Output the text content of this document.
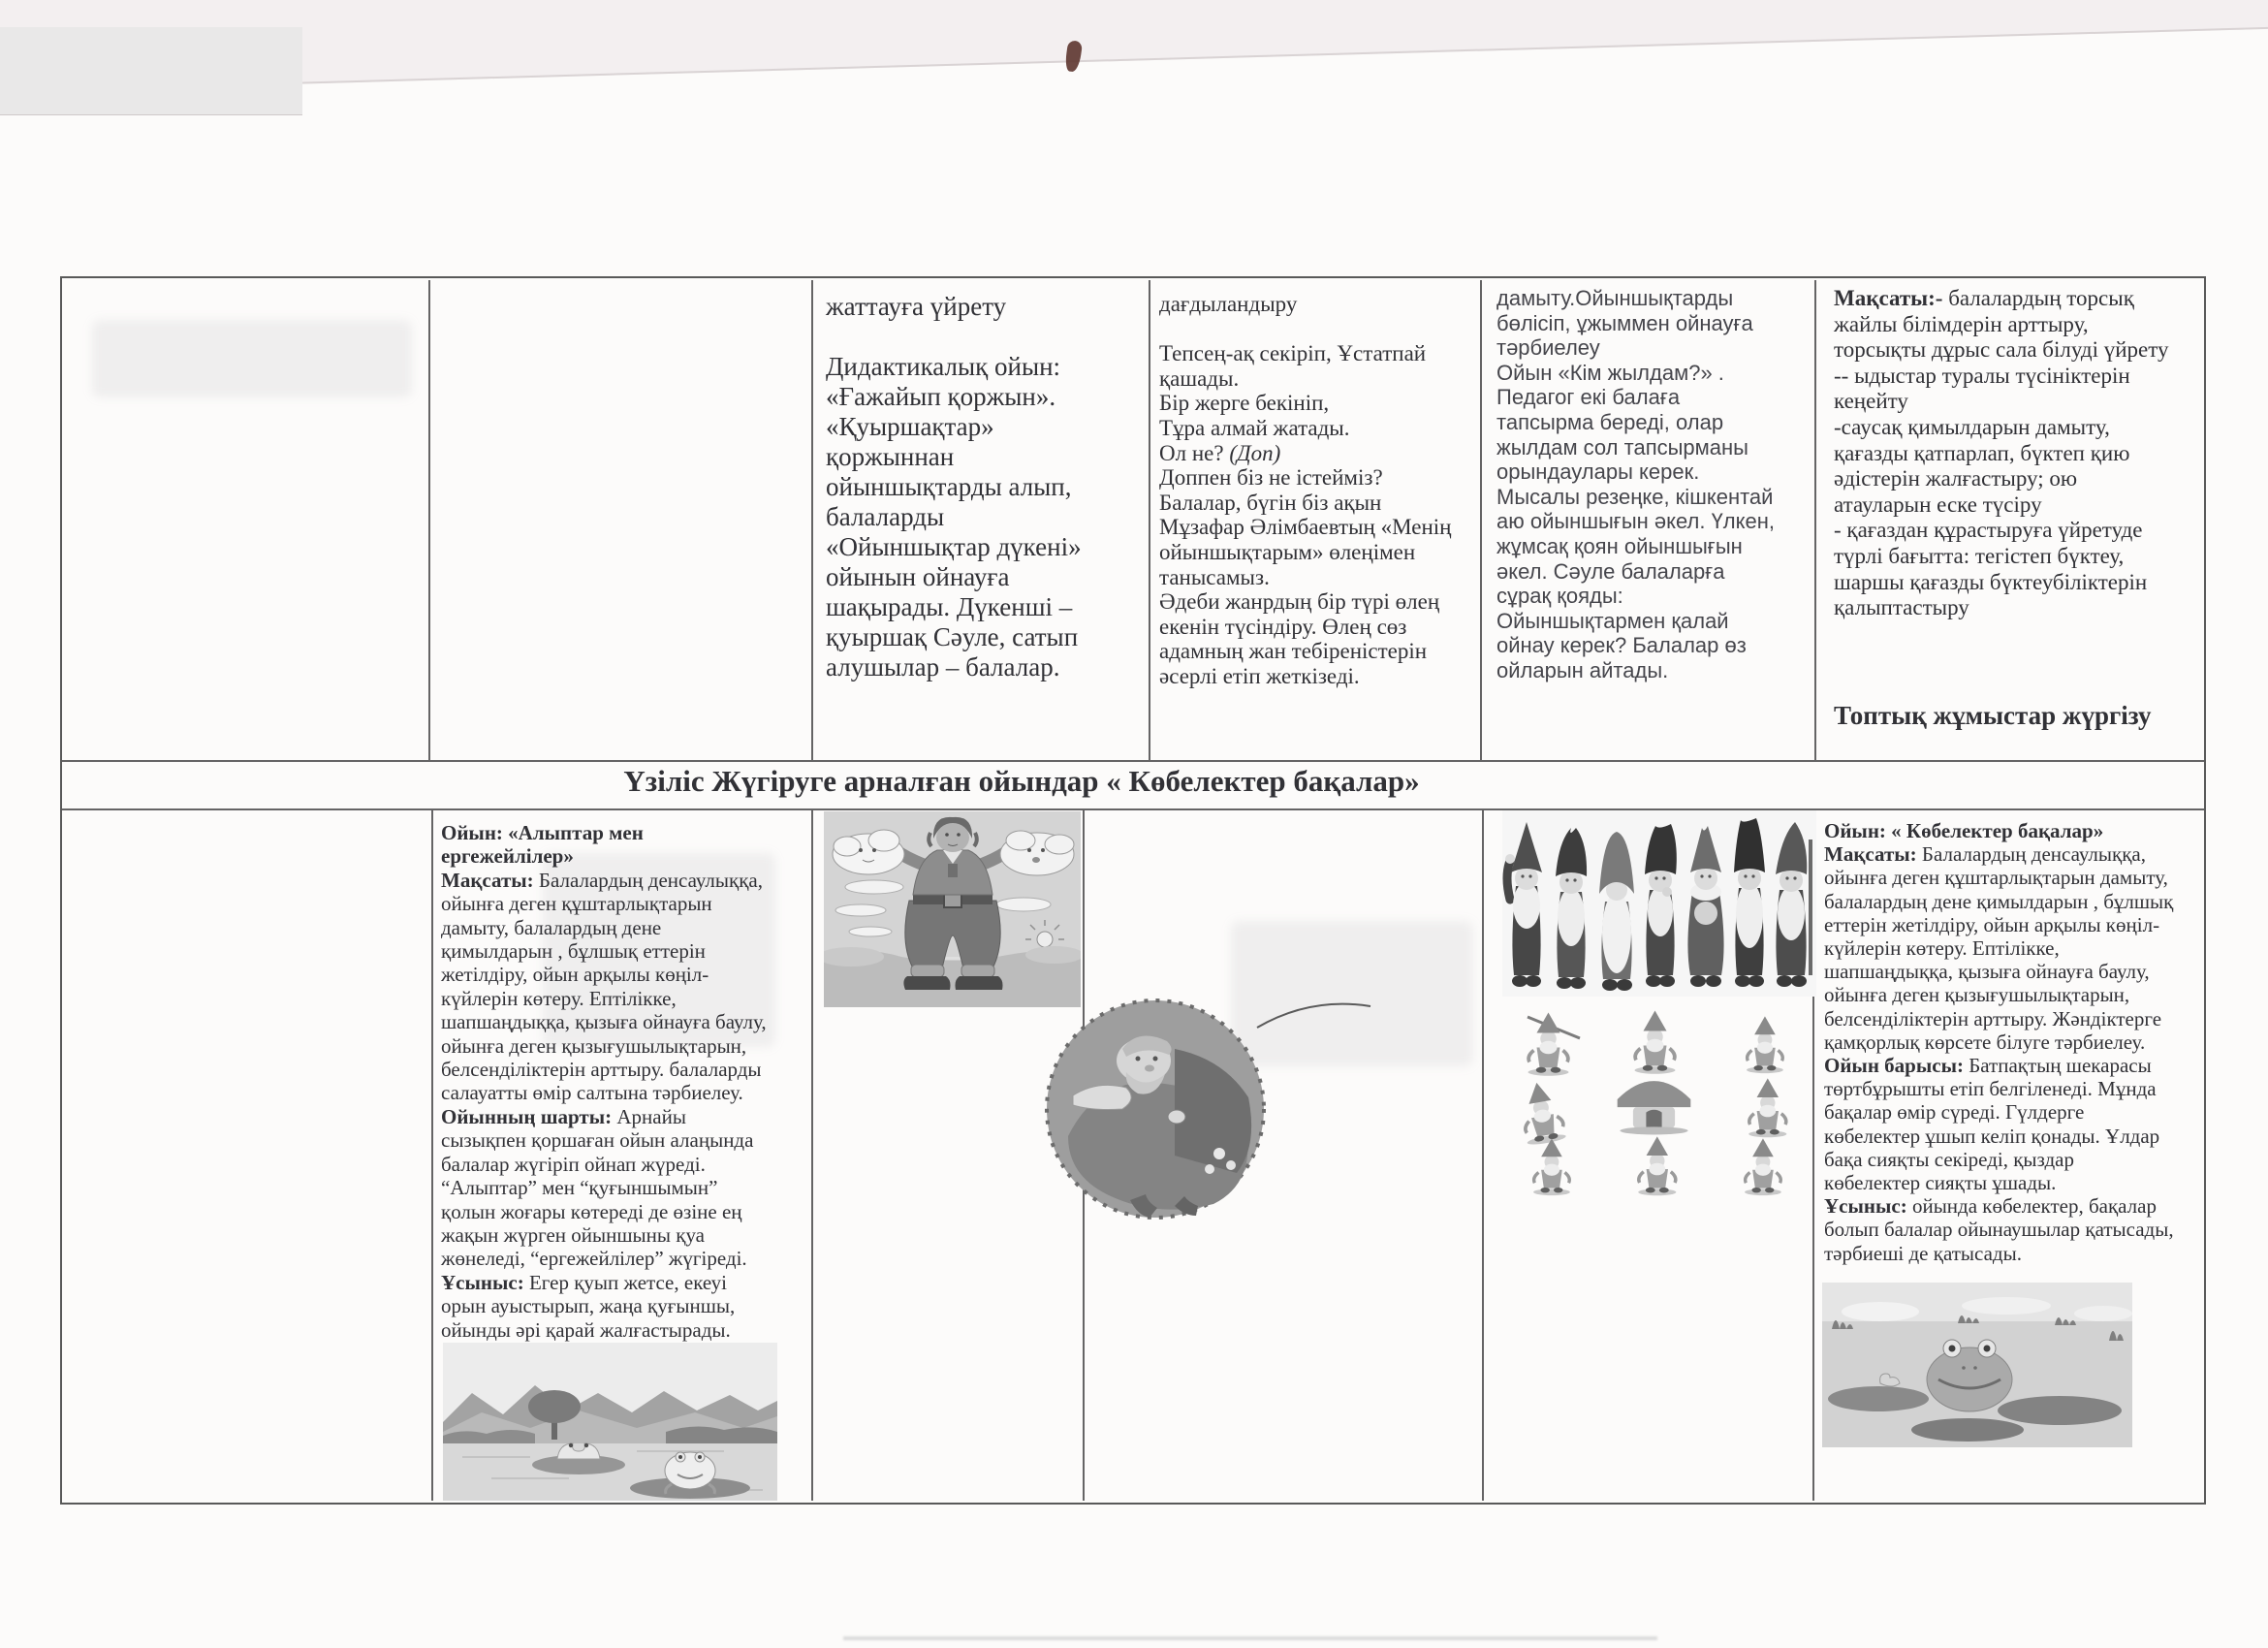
жаттауға үйрету

Дидактикалық ойын:
«Ғажайып қоржын».
«Қуыршақтар»
қоржыннан
ойыншықтарды алып,
балаларды
«Ойыншықтар дүкені»
ойынын ойнауға
шақырады. Дүкенші –
қуыршақ Сәуле, сатып
алушылар – балалар.
дағдыландыру

Тепсең-ақ секіріп, Ұстатпай
қашады.
Бір жерге бекініп,
Тұра алмай жатады.
Ол не? (Доп)
Доппен біз не істейміз?
Балалар, бүгін біз ақын
Мұзафар Әлімбаевтың «Менің
ойыншықтарым» өлеңімен
танысамыз.
Әдеби жанрдың бір түрі өлең
екенін түсіндіру. Өлең сөз
адамның жан тебіреністерін
әсерлі етіп жеткізеді.
дамыту.Ойыншықтарды
бөлісіп, ұжыммен ойнауға
тәрбиелеу
Ойын «Кім жылдам?» .
Педагог екі балаға
тапсырма береді, олар
жылдам сол тапсырманы
орындаулары керек.
Мысалы резеңке, кішкентай
аю ойыншығын әкел. Үлкен,
жұмсақ қоян ойыншығын
әкел. Сәуле балаларға
сұрақ қояды:
Ойыншықтармен қалай
ойнау керек? Балалар өз
ойларын айтады.
Мақсаты:- балалардың торсық
жайлы білімдерін арттыру,
торсықты дұрыс сала білуді үйрету
-- ыдыстар туралы түсініктерін
кеңейту
-саусақ қимылдарын дамыту,
қағазды қатпарлап, бүктеп қию
әдістерін жалғастыру; ою
атауларын еске түсіру
- қағаздан құрастыруға үйретуде
түрлі бағытта: тегістеп бүктеу,
шаршы қағазды бүктеубіліктерін
қалыптастыру
Топтық жұмыстар жүргізу
Үзіліс Жүгіруге арналған ойындар « Көбелектер бақалар»
Ойын: «Алыптар мен
ергежейлілер»
Мақсаты: Балалардың денсаулыққа,
ойынға деген құштарлықтарын
дамыту, балалардың дене
қимылдарын , бұлшық еттерін
жетілдіру, ойын арқылы көңіл-
күйлерін көтеру. Ептілікке,
шапшаңдыққа, қызыға ойнауға баулу,
ойынға деген қызығушылықтарын,
белсенділіктерін арттыру. балаларды
салауатты өмір салтына тәрбиелеу.
Ойынның шарты: Арнайы
сызықпен қоршаған ойын алаңында
балалар жүгіріп ойнап жүреді.
“Алыптар” мен “қуғыншымын”
қолын жоғары көтереді де өзіне ең
жақын жүрген ойыншыны қуа
жөнеледі, “ергежейлілер” жүгіреді.
Ұсыныс: Егер қуып жетсе, екеуі
орын ауыстырып, жаңа қуғыншы,
ойынды әрі қарай жалғастырады.
Ойын: « Көбелектер бақалар»
Мақсаты: Балалардың денсаулыққа,
ойынға деген құштарлықтарын дамыту,
балалардың дене қимылдарын , бұлшық
еттерін жетілдіру, ойын арқылы көңіл-
күйлерін көтеру. Ептілікке,
шапшаңдыққа, қызыға ойнауға баулу,
ойынға деген қызығушылықтарын,
белсенділіктерін арттыру. Жәндіктерге
қамқорлық көрсете білуге тәрбиелеу.
Ойын барысы: Батпақтың шекарасы
төртбұрышты етіп белгіленеді. Мұнда
бақалар өмір сүреді. Гүлдерге
көбелектер ұшып келіп қонады. Ұлдар
бақа сияқты секіреді, қыздар
көбелектер сияқты ұшады.
Ұсыныс: ойында көбелектер, бақалар
болып балалар ойынаушылар қатысады,
тәрбиеші де қатысады.
